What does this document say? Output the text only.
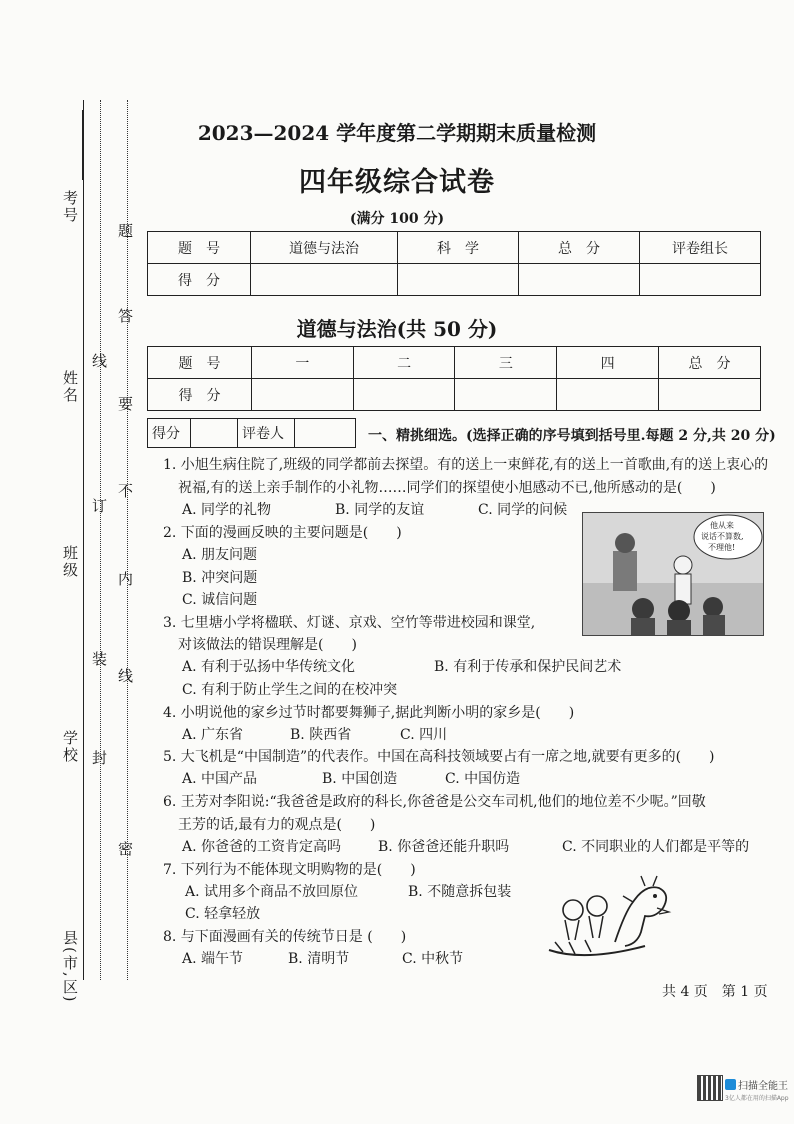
考号
姓名
班级
学校
县(市,区)
题
答
要
不
内
线
线
订
装
封
密
2023—2024 学年度第二学期期末质量检测
四年级综合试卷
(满分 100 分)
题　号	道德与法治	科　学	总　分	评卷组长
得　分				
道德与法治(共 50 分)
题　号	一	二	三	四	总　分
得　分					
得分		评卷人		一、精挑细选。(选择正确的序号填到括号里.每题 2 分,共 20 分)
1. 小旭生病住院了,班级的同学都前去探望。有的送上一束鲜花,有的送上一首歌曲,有的送上衷心的
祝福,有的送上亲手制作的小礼物……同学们的探望使小旭感动不已,他所感动的是(　　)
A. 同学的礼物	B. 同学的友谊	C. 同学的问候
2. 下面的漫画反映的主要问题是(　　)
A. 朋友问题
B. 冲突问题
C. 诚信问题
他从来
说话不算数,
不理他!
3. 七里塘小学将楹联、灯谜、京戏、空竹等带进校园和课堂,
对该做法的错误理解是(　　)
A. 有利于弘扬中华传统文化	B. 有利于传承和保护民间艺术
C. 有利于防止学生之间的在校冲突
4. 小明说他的家乡过节时都要舞狮子,据此判断小明的家乡是(　　)
A. 广东省	B. 陕西省	C. 四川
5. 大飞机是“中国制造”的代表作。中国在高科技领域要占有一席之地,就要有更多的(　　)
A. 中国产品	B. 中国创造	C. 中国仿造
6. 王芳对李阳说:“我爸爸是政府的科长,你爸爸是公交车司机,他们的地位差不少呢。”回敬
王芳的话,最有力的观点是(　　)
A. 你爸爸的工资肯定高吗	B. 你爸爸还能升职吗	C. 不同职业的人们都是平等的
7. 下列行为不能体现文明购物的是(　　)
A. 试用多个商品不放回原位	B. 不随意拆包装
C. 轻拿轻放
8. 与下面漫画有关的传统节日是 (　　)
A. 端午节	B. 清明节	C. 中秋节
共 4 页　第 1 页
扫描全能王
3亿人都在用的扫描App
